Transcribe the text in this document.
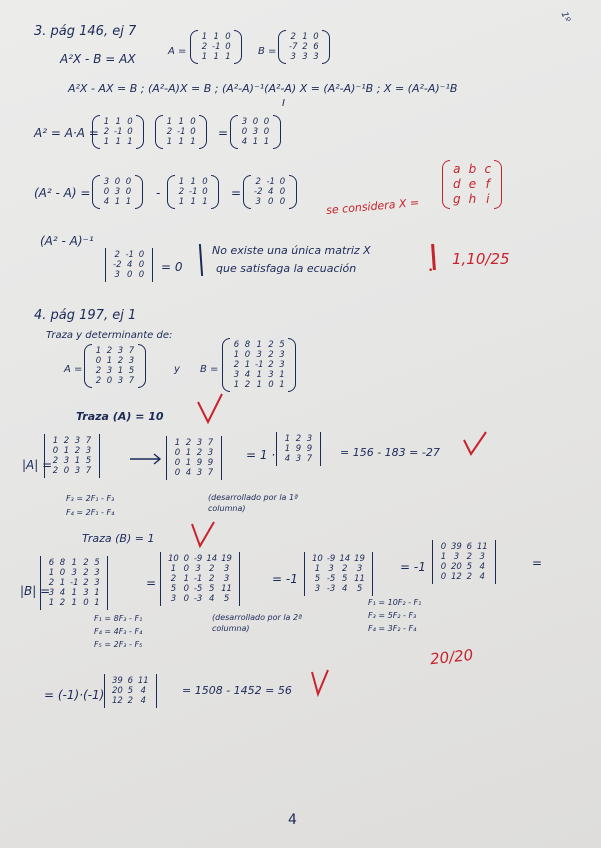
3. pág 146, ej 7
A²X - B = AX
A =
1 1 0
2 -1 0
1 1 1	B =
2 1 0
-7 2 6
3 3 3
A²X - AX = B ; (A²-A)X = B ; (A²-A)⁻¹(A²-A) X = (A²-A)⁻¹B ; X = (A²-A)⁻¹B
I
A² = A·A =
1 1 0
2 -1 0
1 1 1
1 1 0
2 -1 0
1 1 1
=
3 0 0
0 3 0
4 1 1
(A² - A) =
3 0 0
0 3 0
4 1 1
-
1 1 0
2 -1 0
1 1 1
=
2 -1 0
-2 4 0
3 0 0	se considera X =
a b c
d e f
g h i
(A² - A)⁻¹
2 -1 0
-2 4 0
3 0 0
= 0
No existe una única matriz X
que satisfaga la ecuación	•
1,10/25
1º
4. pág 197, ej 1
Traza y determinante de:
A =
1 2 3 7
0 1 2 3
2 3 1 5
2 0 3 7
y B =
6 8 1 2 5
1 0 3 2 3
2 1 -1 2 3
3 4 1 3 1
1 2 1 0 1
Traza (A) = 10
|A| =
1 2 3 7
0 1 2 3
2 3 1 5
2 0 3 7
1 2 3 7
0 1 2 3
0 1 9 9
0 4 3 7
= 1 ·
1 2 3
1 9 9
4 3 7	= 156 - 183 = -27
F₃ = 2F₁ - F₃
F₄ = 2F₁ - F₄
(desarrollado por la 1ª columna)
Traza (B) = 1
|B| =
6 8 1 2 5
1 0 3 2 3
2 1 -1 2 3
3 4 1 3 1
1 2 1 0 1
=
10 0 -9 14 19
1 0 3 2	3
2 1 -1 2	3
5 0 -5 5 11
3 0 -3 4	5
= -1
10 -9 14 19
1 3 2	3
5 -5 5 11
3 -3 4	5
= -1
0 39 6 11
1 3 2 3
0 20 5 4
0 12 2 4
=
F₁ = 8F₃ - F₁
F₄ = 4F₃ - F₄
F₅ = 2F₃ - F₅
(desarrollado por la 2ª columna)
F₁ = 10F₂ - F₁
F₃ = 5F₂ - F₃
F₄ = 3F₂ - F₄
20/20
= (-1)·(-1)
39 6 11
20 5 4
12 2 4
= 1508 - 1452 = 56
4
